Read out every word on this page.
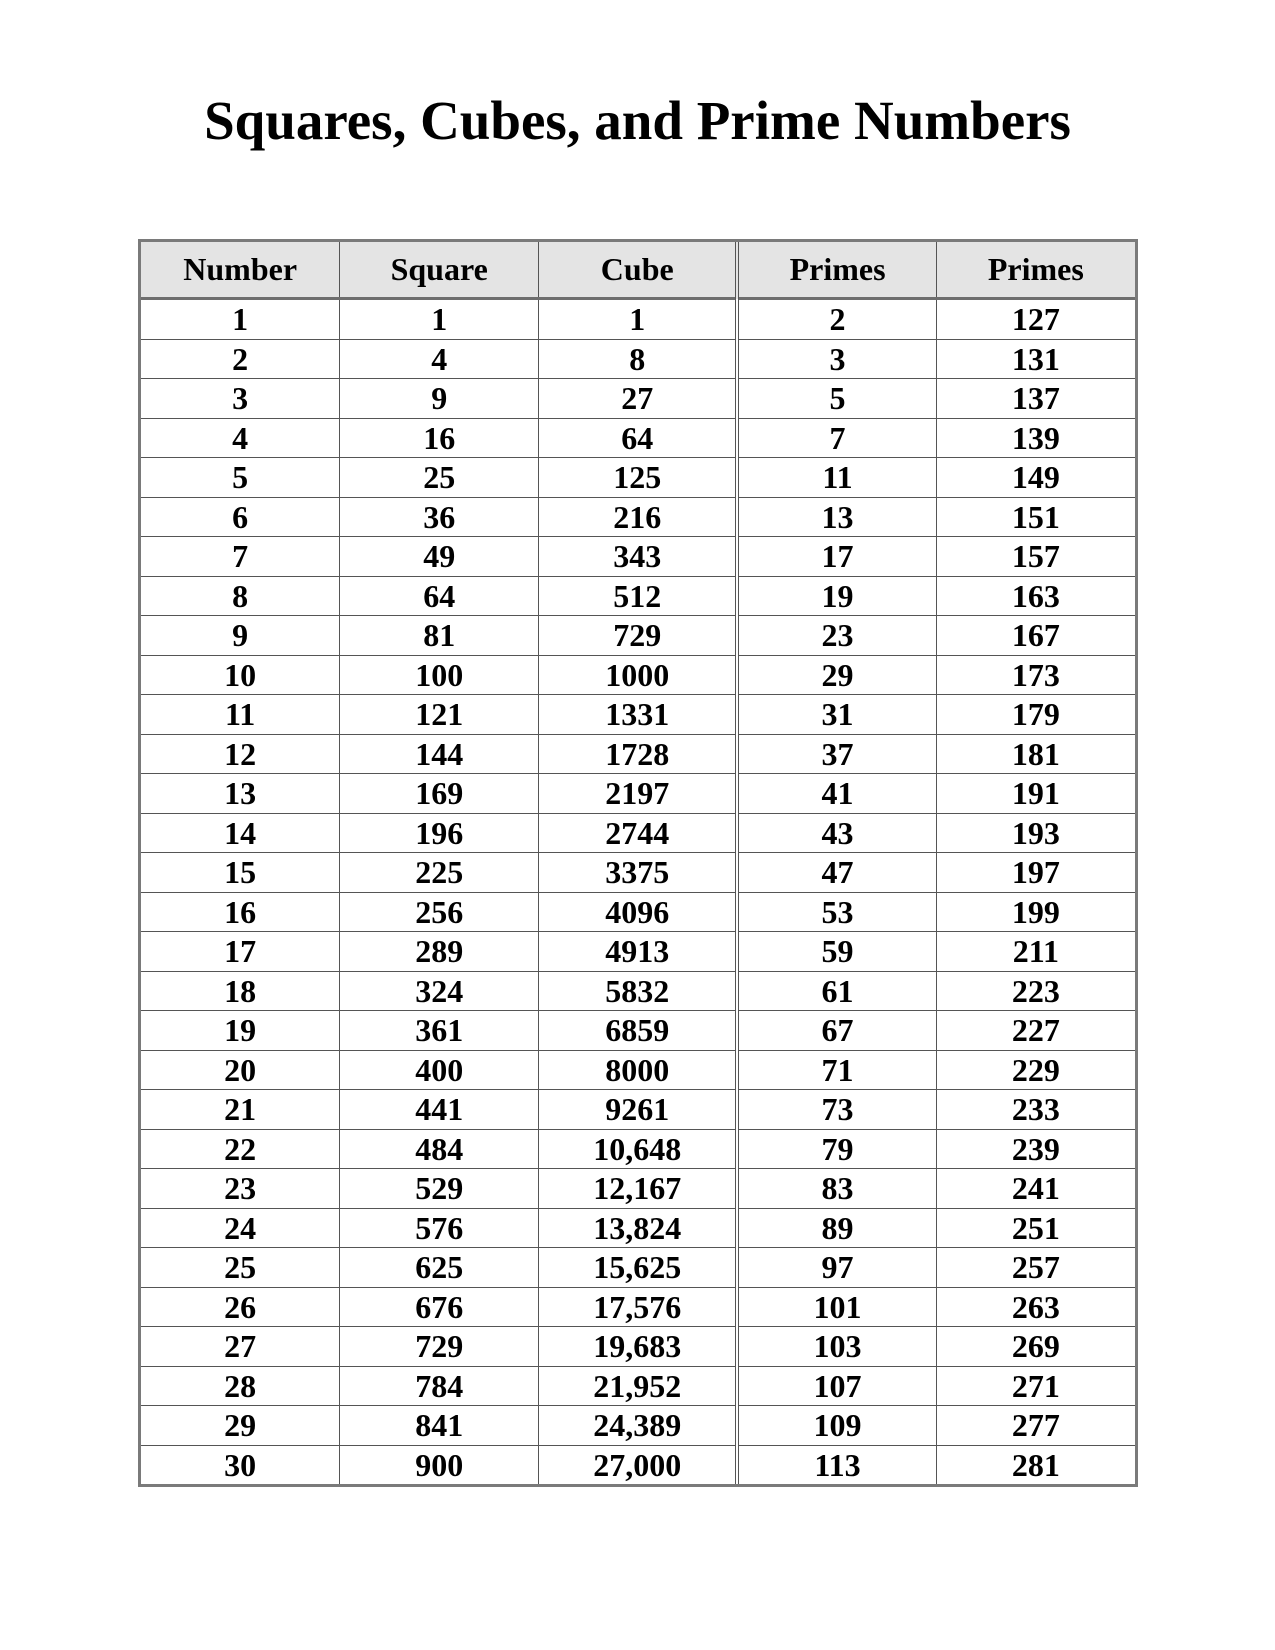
Squares, Cubes, and Prime Numbers
Number	Square	Cube	Primes	Primes
1	1	1	2	127
2	4	8	3	131
3	9	27	5	137
4	16	64	7	139
5	25	125	11	149
6	36	216	13	151
7	49	343	17	157
8	64	512	19	163
9	81	729	23	167
10	100	1000	29	173
11	121	1331	31	179
12	144	1728	37	181
13	169	2197	41	191
14	196	2744	43	193
15	225	3375	47	197
16	256	4096	53	199
17	289	4913	59	211
18	324	5832	61	223
19	361	6859	67	227
20	400	8000	71	229
21	441	9261	73	233
22	484	10,648	79	239
23	529	12,167	83	241
24	576	13,824	89	251
25	625	15,625	97	257
26	676	17,576	101	263
27	729	19,683	103	269
28	784	21,952	107	271
29	841	24,389	109	277
30	900	27,000	113	281
